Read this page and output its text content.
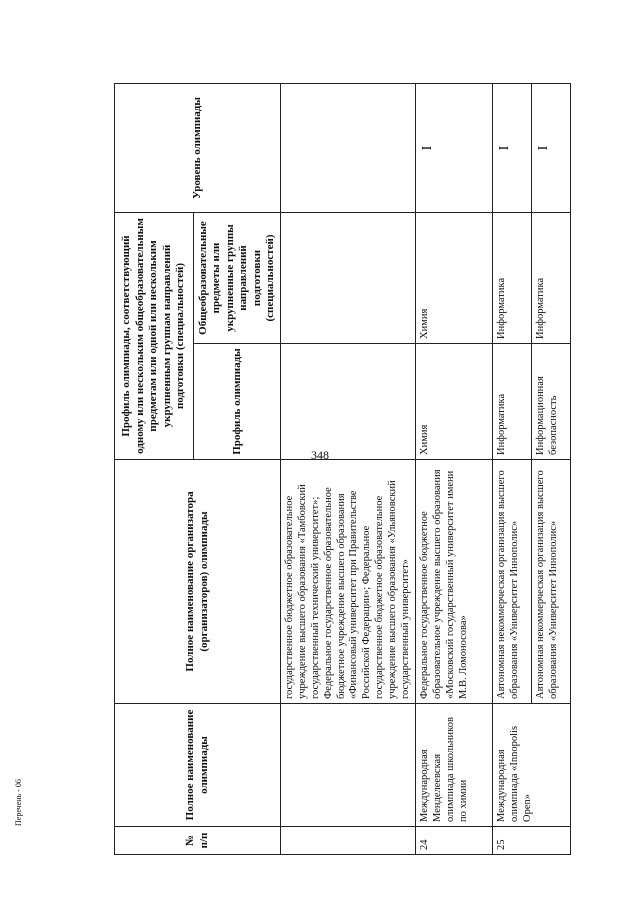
348
№ п/п	Полное наименование олимпиады	Полное наименование организатора (организаторов) олимпиады	Профиль олимпиады, соответствующий одному или нескольким общеобразовательным предметам или одной или нескольким укрупненным группам направлений подготовки (специальностей)		Уровень олимпиады
			Профиль олимпиады	Общеобразовательные предметы или укрупненные группы направлений подготовки (специальностей)	
		государственное бюджетное образовательное учреждение высшего образования «Тамбовский государственный технический университет»; Федеральное государственное образовательное бюджетное учреждение высшего образования «Финансовый университет при Правительстве Российской Федерации»; Федеральное государственное бюджетное образовательное учреждение высшего образования «Ульяновский государственный университет»			
24	Международная Менделеевская олимпиада школьников по химии	Федеральное государственное бюджетное образовательное учреждение высшего образования «Московский государственный университет имени М.В. Ломоносова»	Химия	Химия	I
25	Международная олимпиада «Innopolis Open»	Автономная некоммерческая организация высшего образования «Университет Иннополис»	Информатика	Информатика	I
		Автономная некоммерческая организация высшего образования «Университет Иннополис»	Информационная безопасность	Информатика	I
Перечень - 06
